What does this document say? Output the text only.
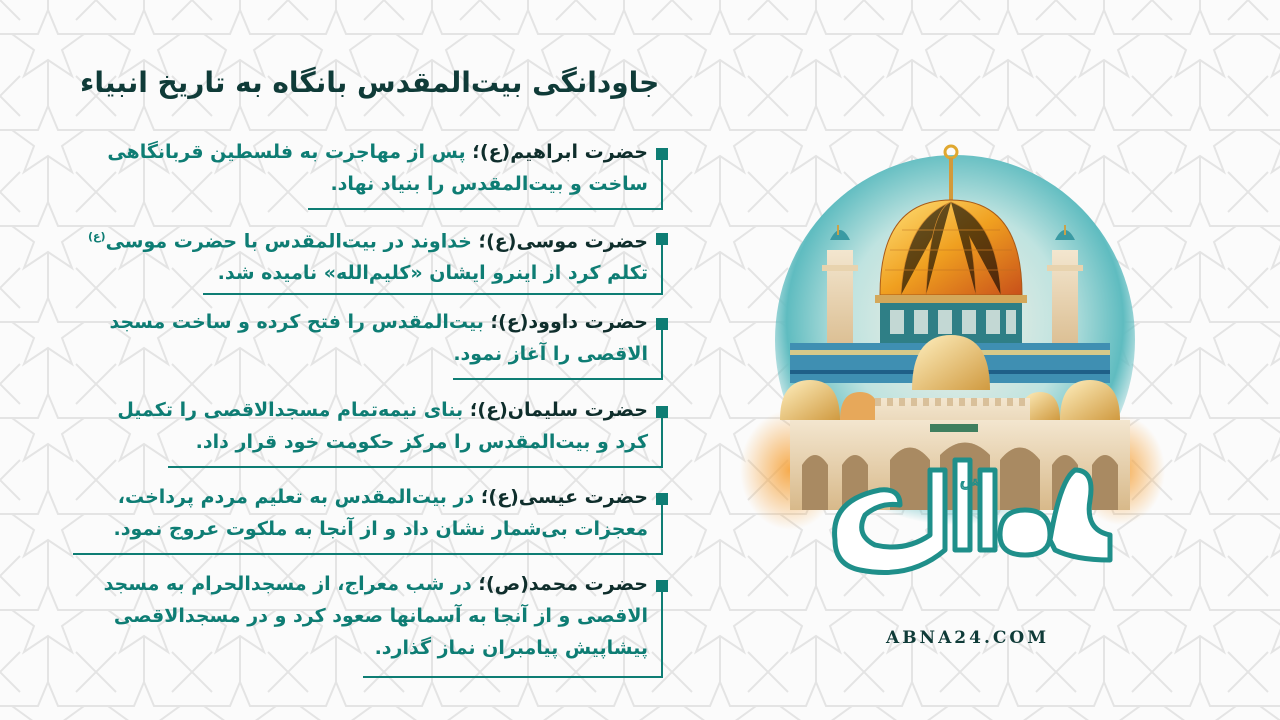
جاودانگی بیت‌المقدس بانگاه به تاریخ انبیاء
حضرت ابراهیم(ع)؛ پس از مهاجرت به فلسطین قربانگاهی
ساخت و بیت‌المقدس را بنیاد نهاد.
حضرت موسی(ع)؛ خداوند در بیت‌المقدس با حضرت موسی$^{(ع)}$
تکلم کرد از اینرو ایشان «کلیم‌الله» نامیده شد.
حضرت داوود(ع)؛ بیت‌المقدس را فتح کرده و ساخت مسجد
الاقصی را آغاز نمود.
حضرت سلیمان(ع)؛ بنای نیمه‌تمام مسجدالاقصی را تکمیل
کرد و بیت‌المقدس را مرکز حکومت خود قرار داد.
حضرت عیسی(ع)؛ در بیت‌المقدس به تعلیم مردم پرداخت،
معجزات بی‌شمار نشان داد و از آنجا به ملکوت عروج نمود.
حضرت محمد(ص)؛ در شب معراج، از مسجدالحرام به مسجد
الاقصی و از آنجا به آسمانها صعود کرد و در مسجدالاقصی
پیشاپیش پیامبران نماز گذارد.
س
ABNA24.COM
